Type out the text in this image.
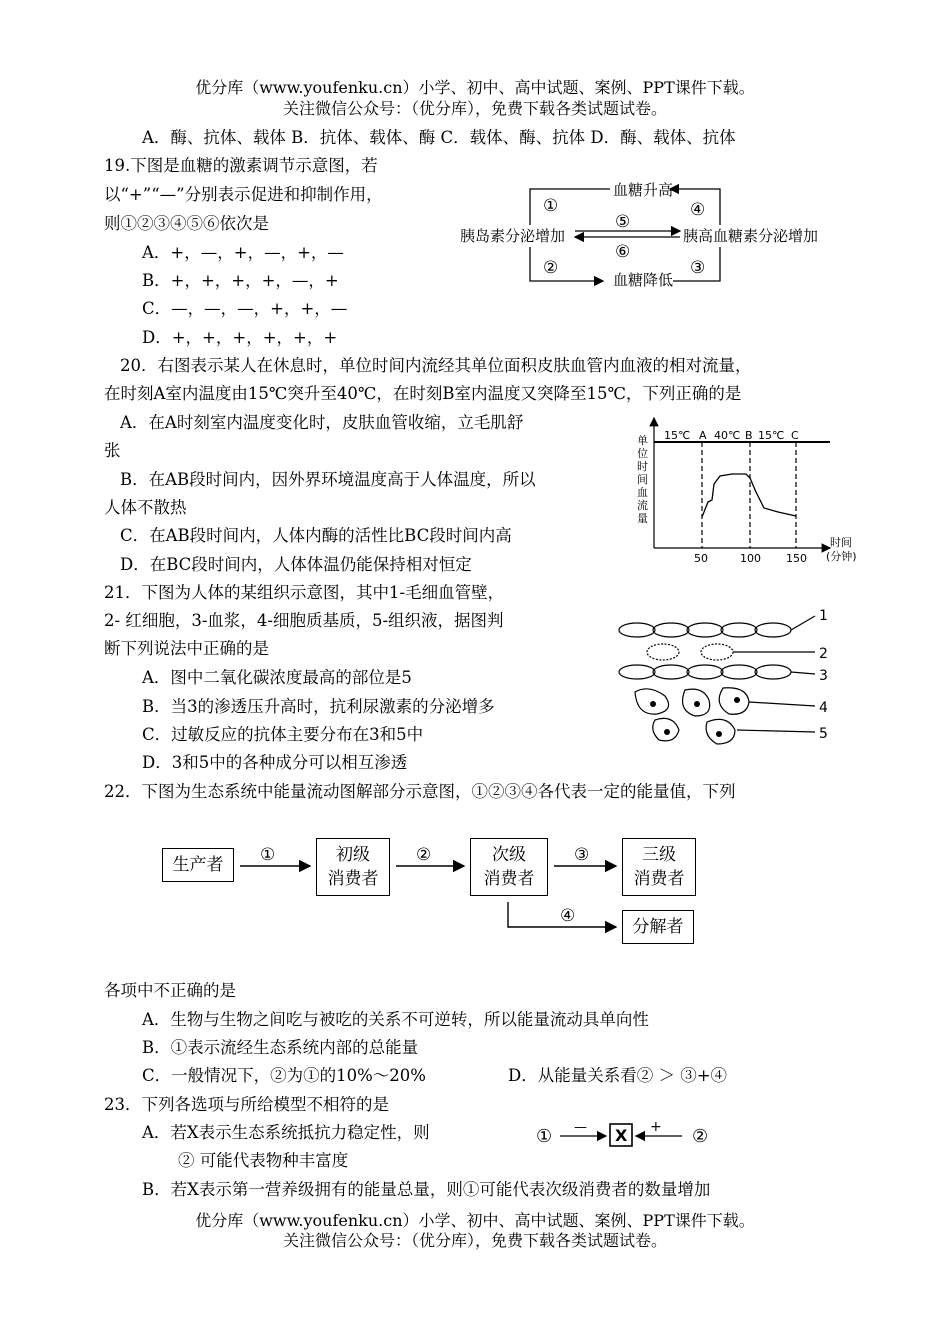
优分库（www.youfenku.cn）小学、初中、高中试题、案例、PPT课件下载。
关注微信公众号：（优分库），免费下载各类试题试卷。
A．酶、抗体、载体 B．抗体、载体、酶 C．载体、酶、抗体 D．酶、载体、抗体
19.下图是血糖的激素调节示意图，若
以“+”“—”分别表示促进和抑制作用，
则①②③④⑤⑥依次是
A．+，—，+，—，+，—
B．+，+，+，+，—，+
C．—，—，—，+，+，—
D．+，+，+，+，+，+
血糖升高
血糖降低
胰岛素分泌增加	胰高血糖素分泌增加
①	④
⑤
⑥
②	③
20．右图表示某人在休息时，单位时间内流经其单位面积皮肤血管内血液的相对流量，
在时刻A室内温度由15℃突升至40℃，在时刻B室内温度又突降至15℃，下列正确的是
A．在A时刻室内温度变化时，皮肤血管收缩，立毛肌舒
张
B．在AB段时间内，因外界环境温度高于人体温度，所以
人体不散热
C．在AB段时间内，人体内酶的活性比BC段时间内高
D．在BC段时间内，人体体温仍能保持相对恒定
15℃ A 40℃ B 15℃ C
单
位
时
间
血
流
量
50	100 150
时间
(分钟)
21．下图为人体的某组织示意图，其中1-毛细血管壁，
2- 红细胞，3-血浆，4-细胞质基质，5-组织液，据图判
断下列说法中正确的是
A．图中二氧化碳浓度最高的部位是5
B．当3的渗透压升高时，抗利尿激素的分泌增多
C．过敏反应的抗体主要分布在3和5中
D．3和5中的各种成分可以相互渗透
1
2
3
4
5
22．下图为生态系统中能量流动图解部分示意图，①②③④各代表一定的能量值，下列
生产者	初级
消费者
次级
消费者
三级
消费者
分解者
①	②	③
④
各项中不正确的是
A．生物与生物之间吃与被吃的关系不可逆转，所以能量流动具单向性
B．①表示流经生态系统内部的总能量
C．一般情况下，②为①的10%～20%	D．从能量关系看② ＞ ③+④
23．下列各选项与所给模型不相符的是
A．若X表示生态系统抵抗力稳定性，则
② 可能代表物种丰富度
B．若X表示第一营养级拥有的能量总量，则①可能代表次级消费者的数量增加
① — X + ②
优分库（www.youfenku.cn）小学、初中、高中试题、案例、PPT课件下载。
关注微信公众号：（优分库），免费下载各类试题试卷。
